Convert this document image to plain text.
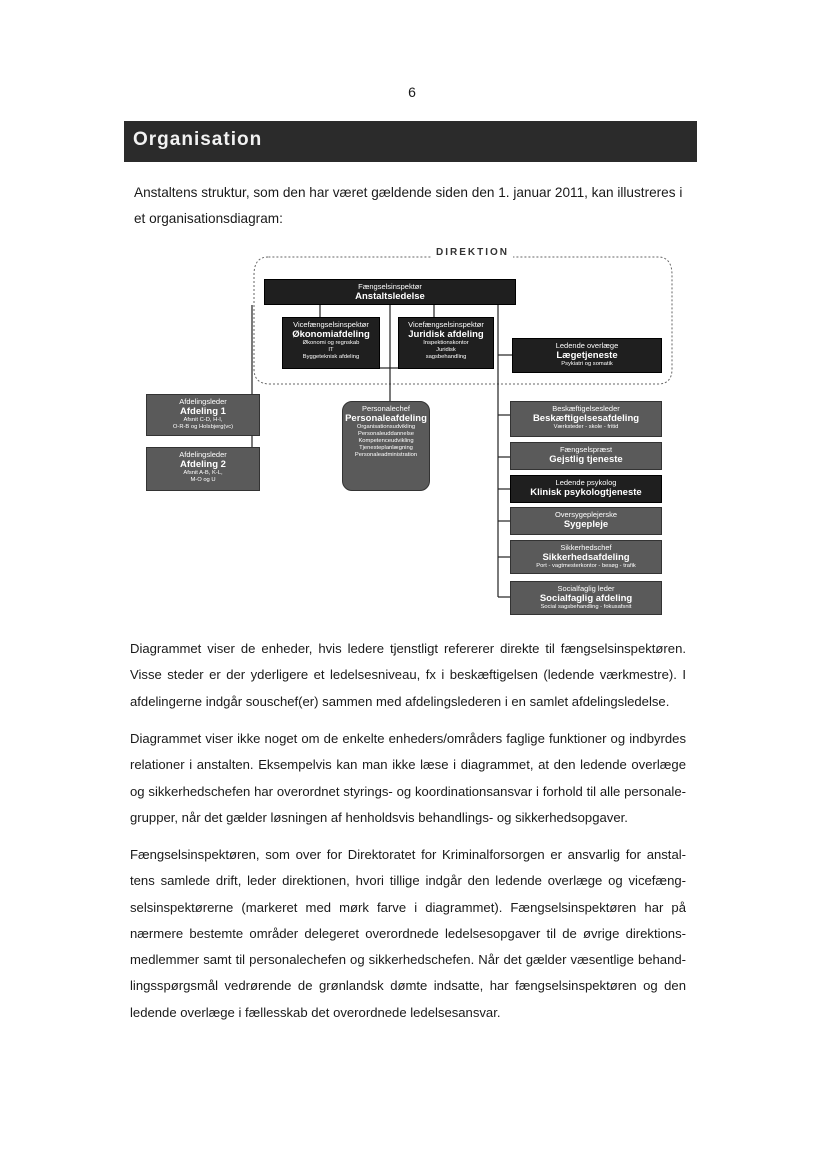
6
Organisation
Anstaltens struktur, som den har været gældende siden den 1. januar 2011, kan illustreres i et organisationsdiagram:
DIREKTION
Fængselsinspektør
Anstaltsledelse
Vicefængselsinspektør
Økonomiafdeling
Økonomi og regnskab
IT
Byggeteknisk afdeling
Vicefængselsinspektør
Juridisk afdeling
Inspektionskontor
Juridisk
sagsbehandling
Ledende overlæge
Lægetjeneste
Psykiatri og somatik
Afdelingsleder
Afdeling 1
Afsnit C-D, H-I,
O-R-B og Holsbjerg(vc)
Afdelingsleder
Afdeling 2
Afsnit A-B, K-L,
M-O og U
Personalechef
Personaleafdeling
Organisationsudvikling
Personaleuddannelse
Kompetenceudvikling
Tjenesteplanlægning
Personaleadministration
Beskæftigelsesleder
Beskæftigelsesafdeling
Værksteder - skole - fritid
Fængselspræst
Gejstlig tjeneste
Ledende psykolog
Klinisk psykologtjeneste
Oversygeplejerske
Sygepleje
Sikkerhedschef
Sikkerhedsafdeling
Port - vagtmesterkontor - besøg - trafik
Socialfaglig leder
Socialfaglig afdeling
Social sagsbehandling - fokusafsnit
Diagrammet viser de enheder, hvis ledere tjenstligt refererer direkte til fængselsinspektøren. Visse steder er der yderligere et ledelsesniveau, fx i beskæftigelsen (ledende værkmestre). I afdelingerne indgår souschef(er) sammen med afdelingslederen i en samlet afdelingsledelse.
Diagrammet viser ikke noget om de enkelte enheders/områders faglige funktioner og indbyrdes relationer i anstalten. Eksempelvis kan man ikke læse i diagrammet, at den ledende overlæge og sikkerhedschefen har overordnet styrings- og koordinationsansvar i forhold til alle personale-grupper, når det gælder løsningen af henholdsvis behandlings- og sikkerhedsopgaver.
Fængselsinspektøren, som over for Direktoratet for Kriminalforsorgen er ansvarlig for anstal-tens samlede drift, leder direktionen, hvori tillige indgår den ledende overlæge og vicefæng-selsinspektørerne (markeret med mørk farve i diagrammet). Fængselsinspektøren har på nærmere bestemte områder delegeret overordnede ledelsesopgaver til de øvrige direktions-medlemmer samt til personalechefen og sikkerhedschefen. Når det gælder væsentlige behand-lingsspørgsmål vedrørende de grønlandsk dømte indsatte, har fængselsinspektøren og den ledende overlæge i fællesskab det overordnede ledelsesansvar.
